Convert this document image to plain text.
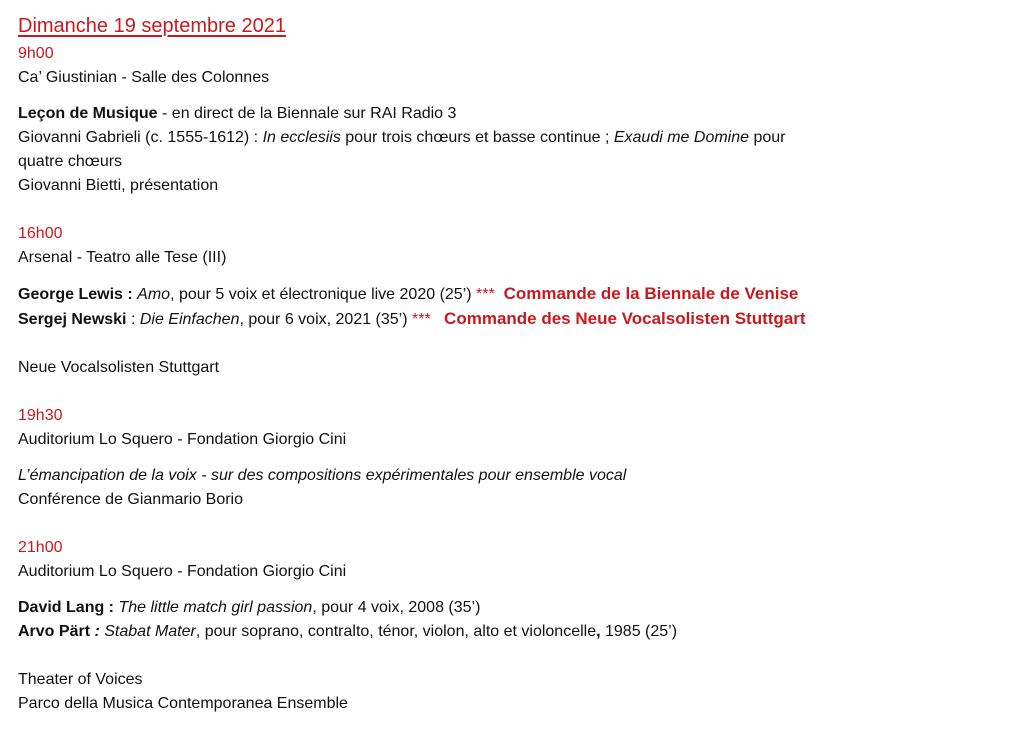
Dimanche 19 septembre 2021
9h00
Ca’ Giustinian - Salle des Colonnes
Leçon de Musique - en direct de la Biennale sur RAI Radio 3
Giovanni Gabrieli (c. 1555-1612) : In ecclesiis pour trois chœurs et basse continue ; Exaudi me Domine pour
quatre chœurs
Giovanni Bietti, présentation
16h00
Arsenal - Teatro alle Tese (III)
George Lewis : Amo, pour 5 voix et électronique live 2020 (25’) *** Commande de la Biennale de Venise
Sergej Newski : Die Einfachen, pour 6 voix, 2021 (35’) *** Commande des Neue Vocalsolisten Stuttgart
Neue Vocalsolisten Stuttgart
19h30
Auditorium Lo Squero - Fondation Giorgio Cini
L’émancipation de la voix - sur des compositions expérimentales pour ensemble vocal
Conférence de Gianmario Borio
21h00
Auditorium Lo Squero - Fondation Giorgio Cini
David Lang : The little match girl passion, pour 4 voix, 2008 (35’)
Arvo Pärt : Stabat Mater, pour soprano, contralto, ténor, violon, alto et violoncelle, 1985 (25’)
Theater of Voices
Parco della Musica Contemporanea Ensemble
